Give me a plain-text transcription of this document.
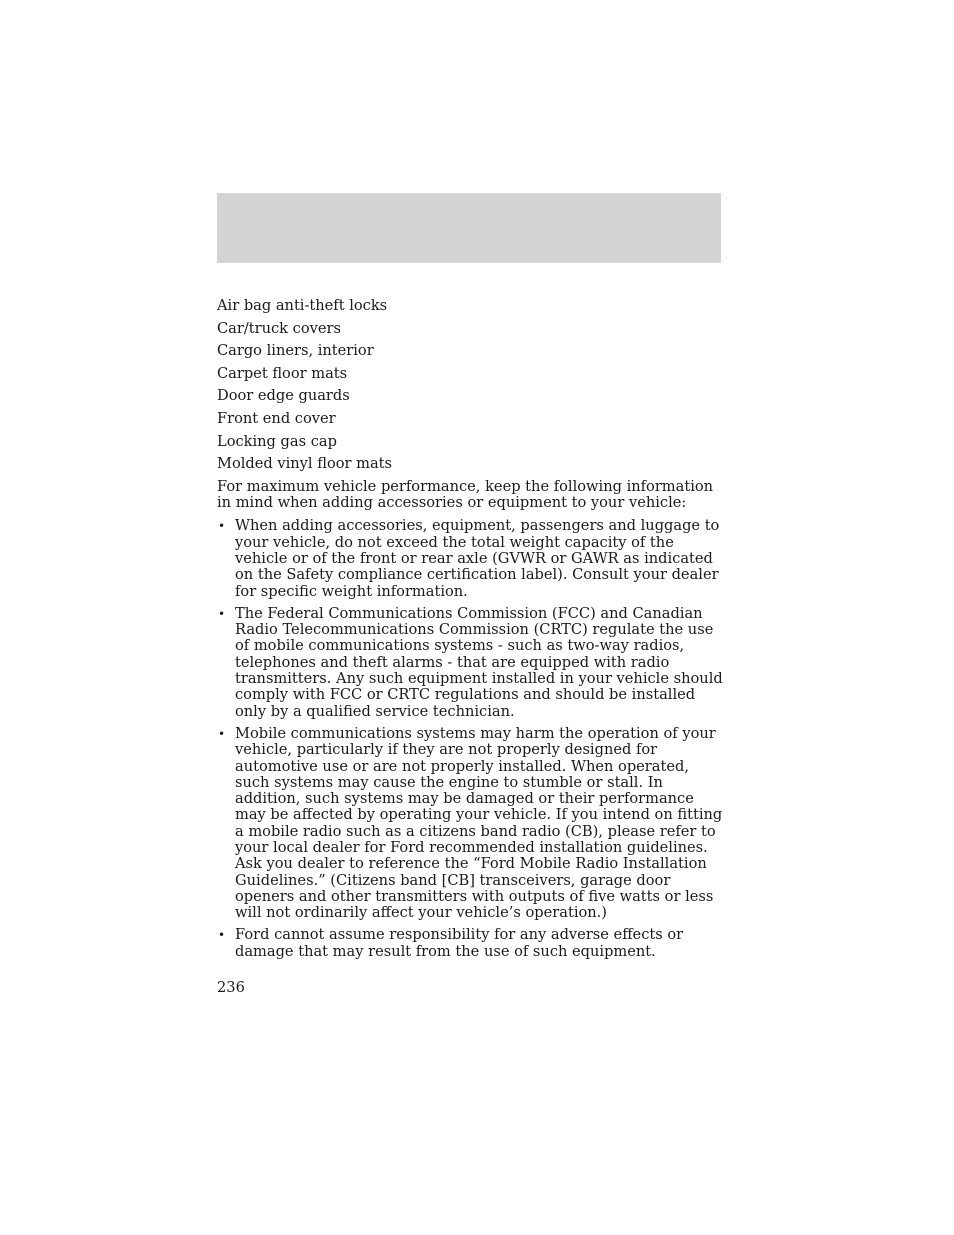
Air bag anti-theft locks
Car/truck covers
Cargo liners, interior
Carpet floor mats
Door edge guards
Front end cover
Locking gas cap
Molded vinyl floor mats

For maximum vehicle performance, keep the following information in mind when adding accessories or equipment to your vehicle:

• When adding accessories, equipment, passengers and luggage to your vehicle, do not exceed the total weight capacity of the vehicle or of the front or rear axle (GVWR or GAWR as indicated on the Safety compliance certification label). Consult your dealer for specific weight information.
• The Federal Communications Commission (FCC) and Canadian Radio Telecommunications Commission (CRTC) regulate the use of mobile communications systems - such as two-way radios, telephones and theft alarms - that are equipped with radio transmitters. Any such equipment installed in your vehicle should comply with FCC or CRTC regulations and should be installed only by a qualified service technician.
• Mobile communications systems may harm the operation of your vehicle, particularly if they are not properly designed for automotive use or are not properly installed. When operated, such systems may cause the engine to stumble or stall. In addition, such systems may be damaged or their performance may be affected by operating your vehicle. If you intend on fitting a mobile radio such as a citizens band radio (CB), please refer to your local dealer for Ford recommended installation guidelines. Ask you dealer to reference the “Ford Mobile Radio Installation Guidelines.” (Citizens band [CB] transceivers, garage door openers and other transmitters with outputs of five watts or less will not ordinarily affect your vehicle’s operation.)
• Ford cannot assume responsibility for any adverse effects or damage that may result from the use of such equipment.
236
